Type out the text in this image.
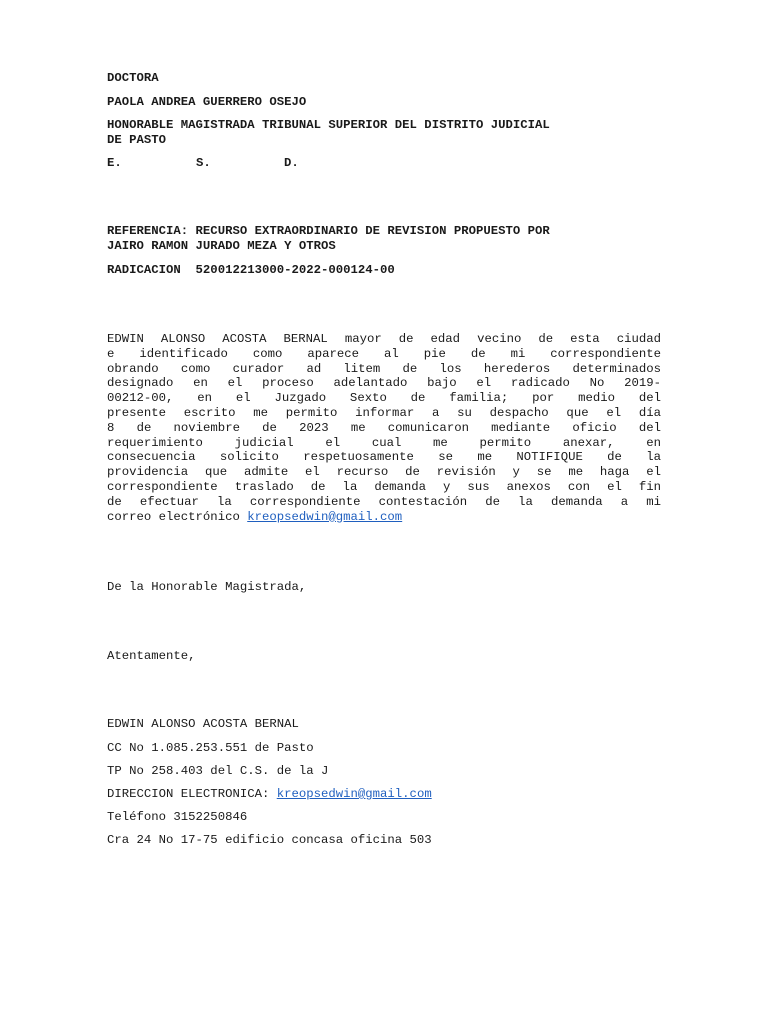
DOCTORA
PAOLA ANDREA GUERRERO OSEJO
HONORABLE MAGISTRADA TRIBUNAL SUPERIOR DEL DISTRITO JUDICIAL
DE PASTO
E.	S.	D.
REFERENCIA: RECURSO EXTRAORDINARIO DE REVISION PROPUESTO POR
JAIRO RAMON JURADO MEZA Y OTROS
RADICACION  520012213000-2022-000124-00
EDWIN ALONSO ACOSTA BERNAL mayor de edad vecino de esta ciudad
e identificado como aparece al pie de mi correspondiente
obrando como curador ad litem de los herederos determinados
designado en el proceso adelantado bajo el radicado No 2019-
00212-00, en el Juzgado Sexto de familia; por medio del
presente escrito me permito informar a su despacho que el día
8 de noviembre de 2023 me comunicaron mediante oficio del
requerimiento judicial el cual me permito anexar, en
consecuencia solicito respetuosamente se me NOTIFIQUE de la
providencia que admite el recurso de revisión y se me haga el
correspondiente traslado de la demanda y sus anexos con el fin
de efectuar la correspondiente contestación de la demanda a mi
correo electrónico kreopsedwin@gmail.com
De la Honorable Magistrada,
Atentamente,
EDWIN ALONSO ACOSTA BERNAL
CC No 1.085.253.551 de Pasto
TP No 258.403 del C.S. de la J
DIRECCION ELECTRONICA: kreopsedwin@gmail.com
Teléfono 3152250846
Cra 24 No 17-75 edificio concasa oficina 503
